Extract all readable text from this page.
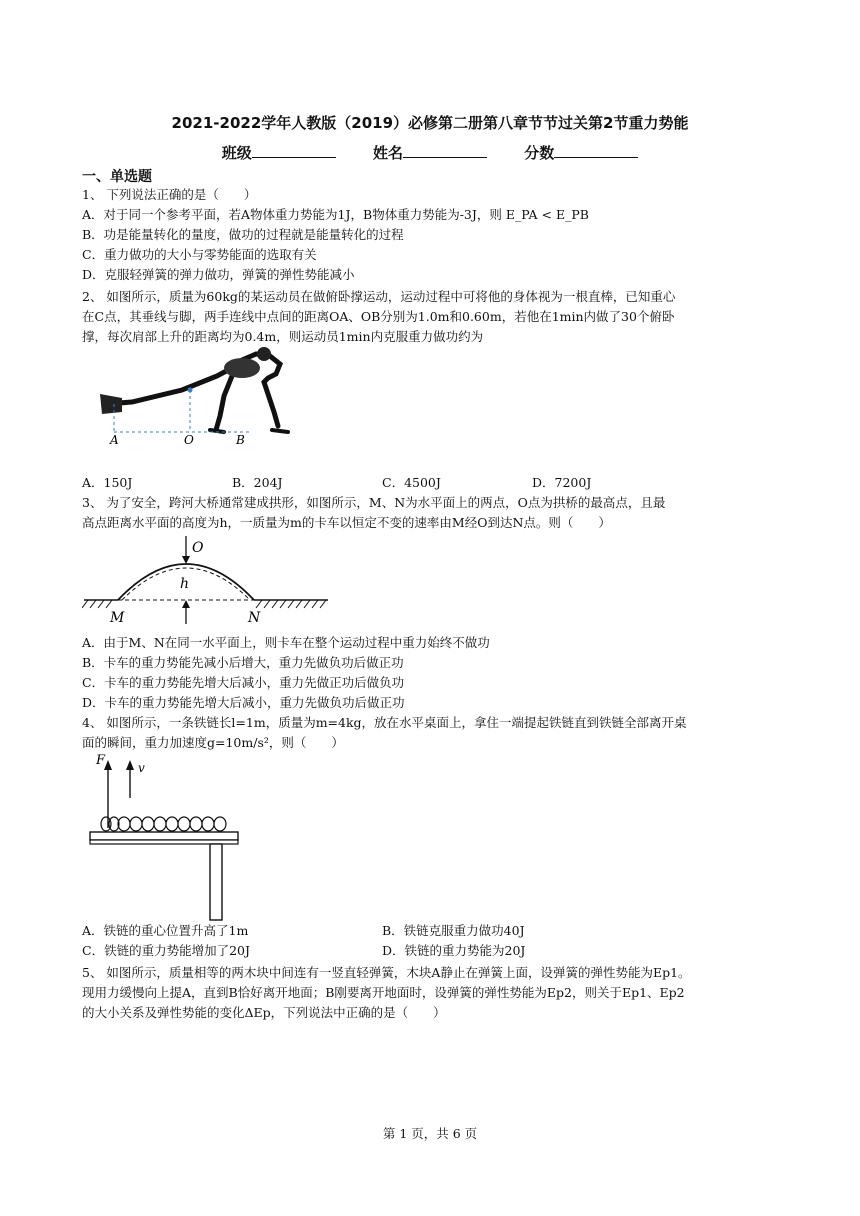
2021-2022学年人教版（2019）必修第二册第八章节节过关第2节重力势能
班级	姓名	分数
一、单选题
1、 下列说法正确的是（　　）
A．对于同一个参考平面，若A物体重力势能为1J，B物体重力势能为-3J，则 E_PA < E_PB
B．功是能量转化的量度，做功的过程就是能量转化的过程
C．重力做功的大小与零势能面的选取有关
D．克服轻弹簧的弹力做功，弹簧的弹性势能减小
2、 如图所示，质量为60kg的某运动员在做俯卧撑运动，运动过程中可将他的身体视为一根直棒，已知重心
在C点，其垂线与脚，两手连线中点间的距离OA、OB分别为1.0m和0.60m，若他在1min内做了30个俯卧
撑，每次肩部上升的距离均为0.4m，则运动员1min内克服重力做功约为
A	O	B
A．150J	B．204J	C．4500J	D．7200J
3、 为了安全，跨河大桥通常建成拱形，如图所示，M、N为水平面上的两点，O点为拱桥的最高点，且最
高点距离水平面的高度为h，一质量为m的卡车以恒定不变的速率由M经O到达N点。则（　　）
O
h
M	N
A．由于M、N在同一水平面上，则卡车在整个运动过程中重力始终不做功
B．卡车的重力势能先减小后增大，重力先做负功后做正功
C．卡车的重力势能先增大后减小，重力先做正功后做负功
D．卡车的重力势能先增大后减小，重力先做负功后做正功
4、 如图所示，一条铁链长l=1m，质量为m=4kg，放在水平桌面上，拿住一端提起铁链直到铁链全部离开桌
面的瞬间，重力加速度g=10m/s²，则（　　）
F	v
A．铁链的重心位置升高了1m	B．铁链克服重力做功40J
C．铁链的重力势能增加了20J	D．铁链的重力势能为20J
5、 如图所示，质量相等的两木块中间连有一竖直轻弹簧，木块A静止在弹簧上面，设弹簧的弹性势能为Ep1。
现用力缓慢向上提A，直到B恰好离开地面；B刚要离开地面时，设弹簧的弹性势能为Ep2，则关于Ep1、Ep2
的大小关系及弹性势能的变化ΔEp，下列说法中正确的是（　　）
第 1 页，共 6 页
